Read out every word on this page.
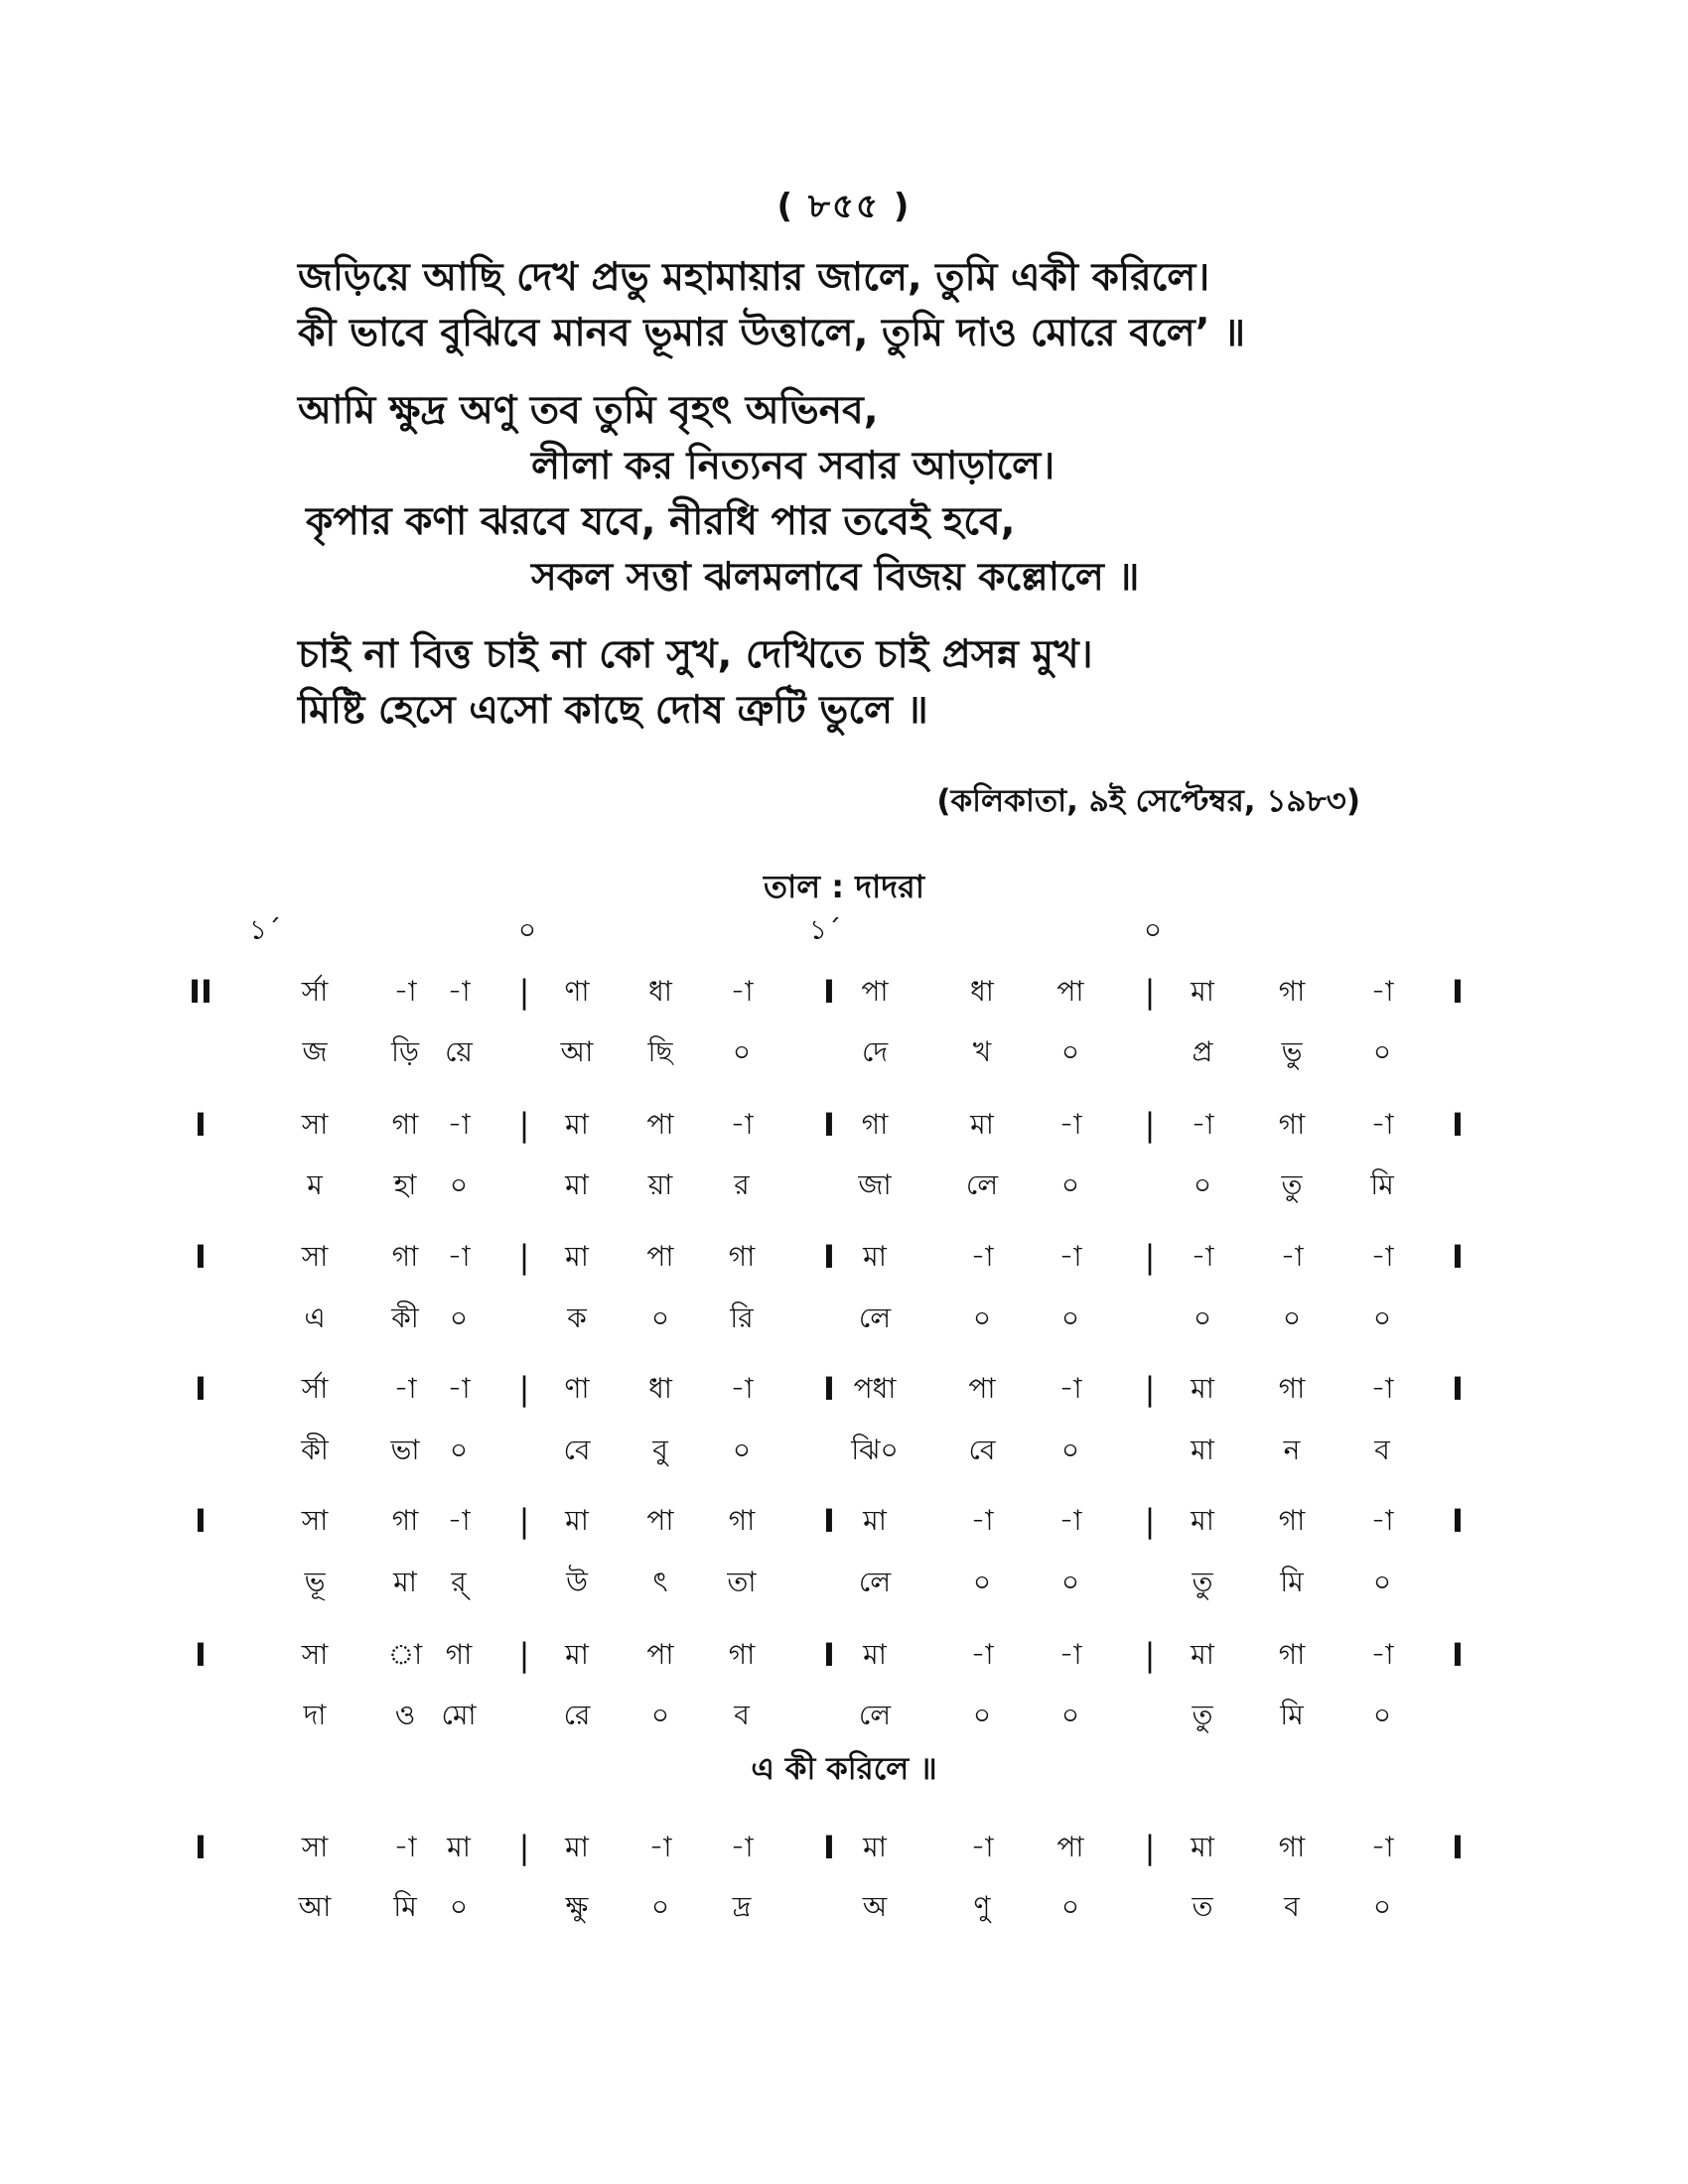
( ৮৫৫ )
জড়িয়ে আছি দেখ প্রভু মহামায়ার জালে, তুমি একী করিলে।
কী ভাবে বুঝিবে মানব ভূমার উত্তালে, তুমি দাও মোরে বলে’ ॥
আমি ক্ষুদ্র অণু তব তুমি বৃহৎ অভিনব,
লীলা কর নিত্যনব সবার আড়ালে।
কৃপার কণা ঝরবে যবে, নীরধি পার তবেই হবে,
সকল সত্তা ঝলমলাবে বিজয় কল্লোলে ॥
চাই না বিত্ত চাই না কো সুখ, দেখিতে চাই প্রসন্ন মুখ।
মিষ্টি হেসে এসো কাছে দোষ ত্রুটি ভুলে ॥
(কলিকাতা, ৯ই সেপ্টেম্বর, ১৯৮৩)
তাল : দাদরা
১´	০	১´	০
II	র্সা	-া	-া	ণা	ধা	-া	পা	ধা	পা	মা	গা	-া
|	I	|	I
জ	ড়ি য়ে	আ	ছি	০	দে	খ	০	প্র	ভু	০
I	সা	গা	-া	মা	পা	-া	গা	মা	-া	-া	গা	-া
|	I	|	I
ম	হা	০	মা	য়া	র	জা	লে	০	০	তু	মি
I	সা	গা	-া	মা	পা	গা	মা	-া	-া	-া	-া	-া
|	I	|	I
এ	কী	০	ক	০	রি	লে	০	০	০	০	০
I	র্সা	-া	-া	ণা	ধা	-া	পধা	পা	-া	মা	গা	-া
|	I	|	I
কী	ভা	০	বে	বু	০	ঝি০	বে	০	মা	ন	ব
I	সা	গা	-া	মা	পা	গা	মা	-া	-া	মা	গা	-া
|	I	|	I
ভূ	মা	র্	উ	ৎ	তা	লে	০	০	তু	মি	০
I	সা	া গা	মা	পা	গা	মা	-া	-া	মা	গা	-া
|	I	|	I
দা	ও মো	রে	০	ব	লে	০	০	তু	মি	০
I	সা	-া	মা	মা	-া	-া	মা	-া	পা	মা	গা	-া
|	I	|	I
আ	মি	০	ক্ষু	০	দ্র	অ	ণু	০	ত	ব	০
এ কী করিলে ॥
